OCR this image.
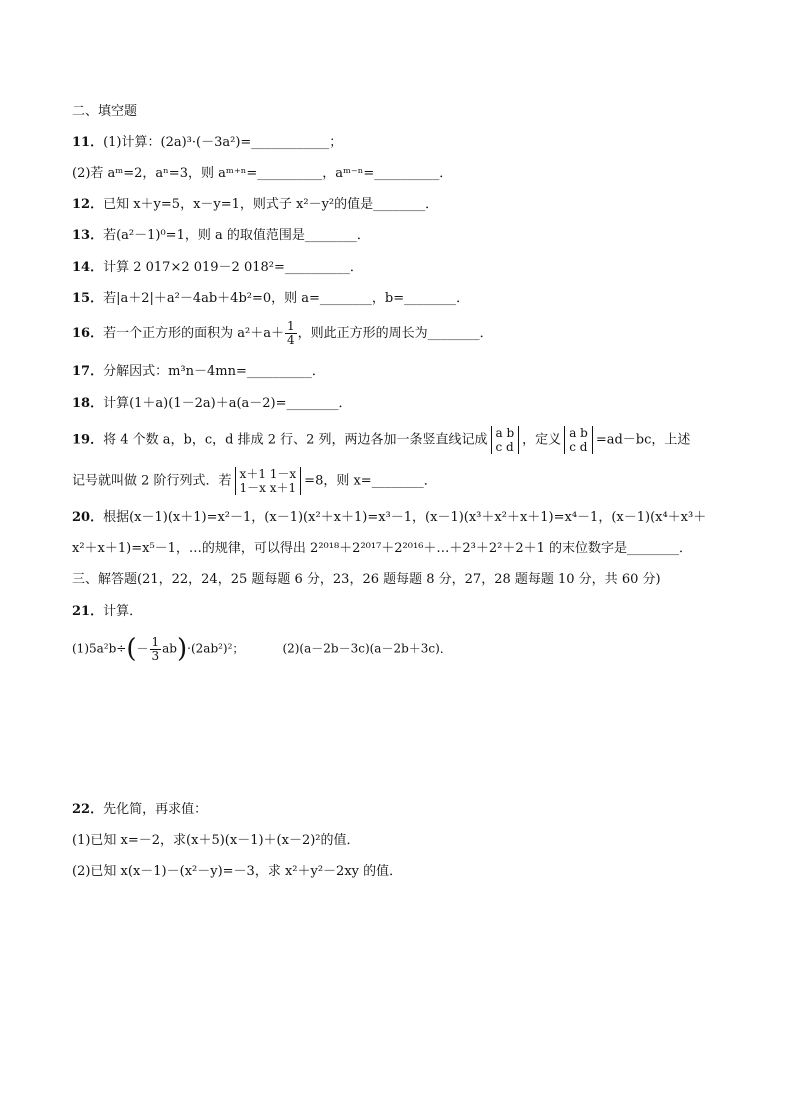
二、填空题
11．(1)计算：(2a)³·(－3a²)=____________；
(2)若 aᵐ=2，aⁿ=3，则 aᵐ⁺ⁿ=__________，aᵐ⁻ⁿ=__________．
12．已知 x＋y=5，x－y=1，则式子 x²－y²的值是________．
13．若(a²－1)⁰=1，则 a 的取值范围是________．
14．计算 2 017×2 019－2 018²=__________．
15．若|a＋2|＋a²－4ab＋4b²=0，则 a=________，b=________．
16．若一个正方形的面积为 $a^2+a+ \frac{1}{4}$ ，则此正方形的周长为________．
17．分解因式：m³n－4mn=__________．
18．计算(1＋a)(1－2a)＋a(a－2)=________．
19．将 4 个数 a，b，c，d 排成 2 行、2 列，两边各加一条竖直线记成 a b
c d ，定义 a b
c d =ad－bc，上述
记号就叫做 2 阶行列式．若 x＋1 1－x
1－x x＋1 =8，则 x=________．
20．根据(x－1)(x＋1)=x²－1，(x－1)(x²＋x＋1)=x³－1，(x－1)(x³＋x²＋x＋1)=x⁴－1，(x－1)(x⁴＋x³＋
x²＋x＋1)=x⁵－1，…的规律，可以得出 2²⁰¹⁸＋2²⁰¹⁷＋2²⁰¹⁶＋…＋2³＋2²＋2＋1 的末位数字是________．
三、解答题(21，22，24，25 题每题 6 分，23，26 题每题 8 分，27，28 题每题 10 分，共 60 分)
21．计算．
$(1)5a^2b\div(- \frac{1}{3} ab)\cdot(2ab^2)^2$；	(2)(a－2b－3c)(a－2b＋3c)．
22．先化简，再求值：
(1)已知 x=－2，求(x＋5)(x－1)＋(x－2)²的值．
(2)已知 x(x－1)－(x²－y)=－3，求 x²＋y²－2xy 的值．
